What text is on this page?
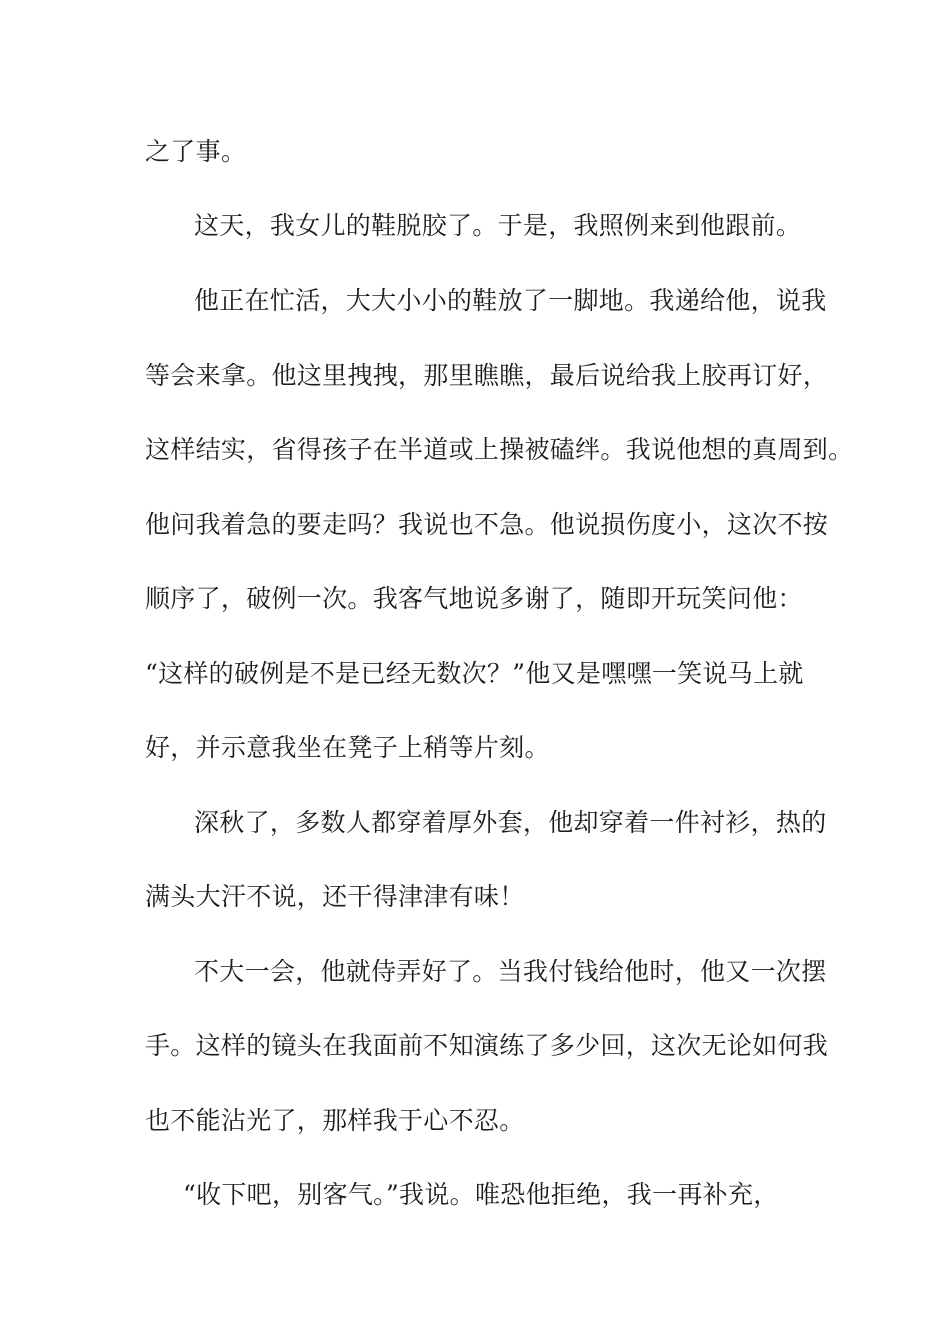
之了事。
这天，我女儿的鞋脱胶了。于是，我照例来到他跟前。
他正在忙活，大大小小的鞋放了一脚地。我递给他，说我
等会来拿。他这里拽拽，那里瞧瞧，最后说给我上胶再订好，
这样结实，省得孩子在半道或上操被磕绊。我说他想的真周到。
他问我着急的要走吗？我说也不急。他说损伤度小，这次不按
顺序了，破例一次。我客气地说多谢了，随即开玩笑问他：
“这样的破例是不是已经无数次？”他又是嘿嘿一笑说马上就
好，并示意我坐在凳子上稍等片刻。
深秋了，多数人都穿着厚外套，他却穿着一件衬衫，热的
满头大汗不说，还干得津津有味！
不大一会，他就侍弄好了。当我付钱给他时，他又一次摆
手。这样的镜头在我面前不知演练了多少回，这次无论如何我
也不能沾光了，那样我于心不忍。
“收下吧，别客气。”我说。唯恐他拒绝，我一再补充，
